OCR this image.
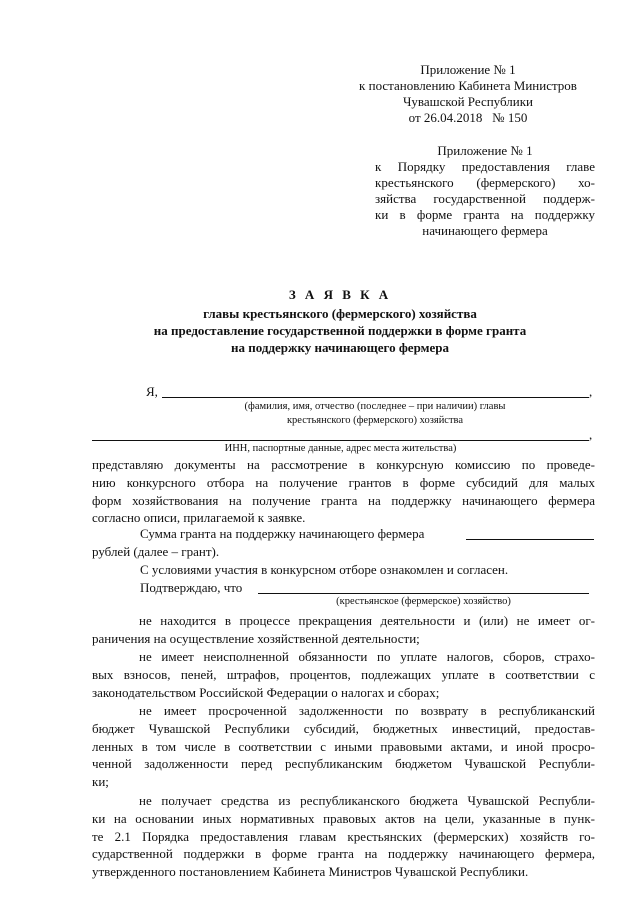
Приложение № 1
к постановлению Кабинета Министров
Чувашской Республики
от 26.04.2018   № 150
Приложение № 1
к Порядку предоставления главе
крестьянского (фермерского) хо-
зяйства государственной поддерж-
ки в форме гранта на поддержку
начинающего фермера
З А Я В К А
главы крестьянского (фермерского) хозяйства
на предоставление государственной поддержки в форме гранта
на поддержку начинающего фермера
Я,	,
(фамилия, имя, отчество (последнее – при наличии) главы
крестьянского (фермерского) хозяйства
,
ИНН, паспортные данные, адрес места жительства)
представляю документы на рассмотрение в конкурсную комиссию по проведе-
нию конкурсного отбора на получение грантов в форме субсидий для малых
форм хозяйствования на получение гранта на поддержку начинающего фермера
согласно описи, прилагаемой к заявке.
Сумма гранта на поддержку начинающего фермера
рублей (далее – грант).
С условиями участия в конкурсном отборе ознакомлен и согласен.
Подтверждаю, что
(крестьянское (фермерское) хозяйство)
не находится в процессе прекращения деятельности и (или) не имеет ог-
раничения на осуществление хозяйственной деятельности;
не имеет неисполненной обязанности по уплате налогов, сборов, страхо-
вых взносов, пеней, штрафов, процентов, подлежащих уплате в соответствии с
законодательством Российской Федерации о налогах и сборах;
не имеет просроченной задолженности по возврату в республиканский
бюджет Чувашской Республики субсидий, бюджетных инвестиций, предостав-
ленных в том числе в соответствии с иными правовыми актами, и иной просро-
ченной задолженности перед республиканским бюджетом Чувашской Республи-
ки;
не получает средства из республиканского бюджета Чувашской Республи-
ки на основании иных нормативных правовых актов на цели, указанные в пунк-
те 2.1 Порядка предоставления главам крестьянских (фермерских) хозяйств го-
сударственной поддержки в форме гранта на поддержку начинающего фермера,
утвержденного постановлением Кабинета Министров Чувашской Республики.
